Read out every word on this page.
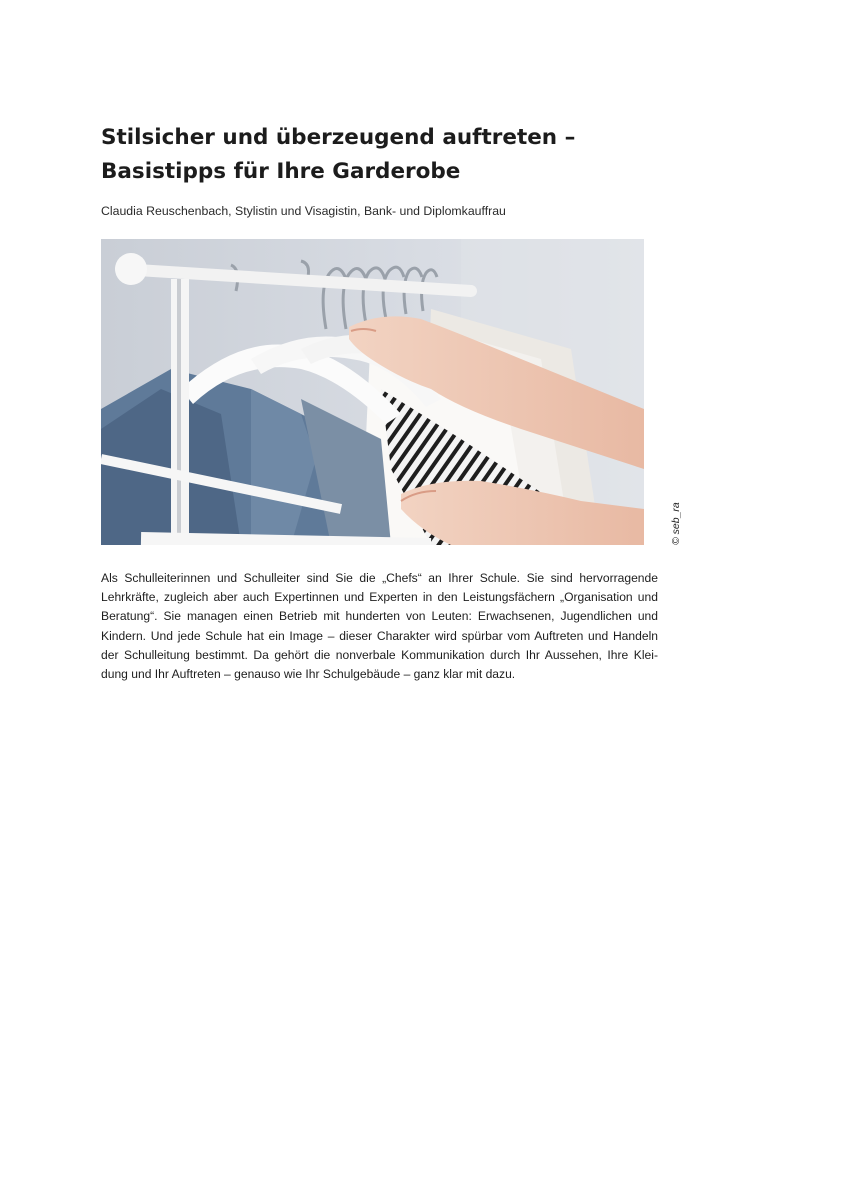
Stilsicher und überzeugend auftreten –
Basistipps für Ihre Garderobe
Claudia Reuschenbach, Stylistin und Visagistin, Bank- und Diplomkauffrau
© seb_ra

Als Schulleiterinnen und Schulleiter sind Sie die „Chefs“ an Ihrer Schule. Sie sind hervorragende
Lehrkräfte, zugleich aber auch Expertinnen und Experten in den Leistungsfächern „Organisation und
Beratung“. Sie managen einen Betrieb mit hunderten von Leuten: Erwachsenen, Jugendlichen und
Kindern. Und jede Schule hat ein Image – dieser Charakter wird spürbar vom Auftreten und Handeln
der Schulleitung bestimmt. Da gehört die nonverbale Kommunikation durch Ihr Aussehen, Ihre Klei-
dung und Ihr Auftreten – genauso wie Ihr Schulgebäude – ganz klar mit dazu.
